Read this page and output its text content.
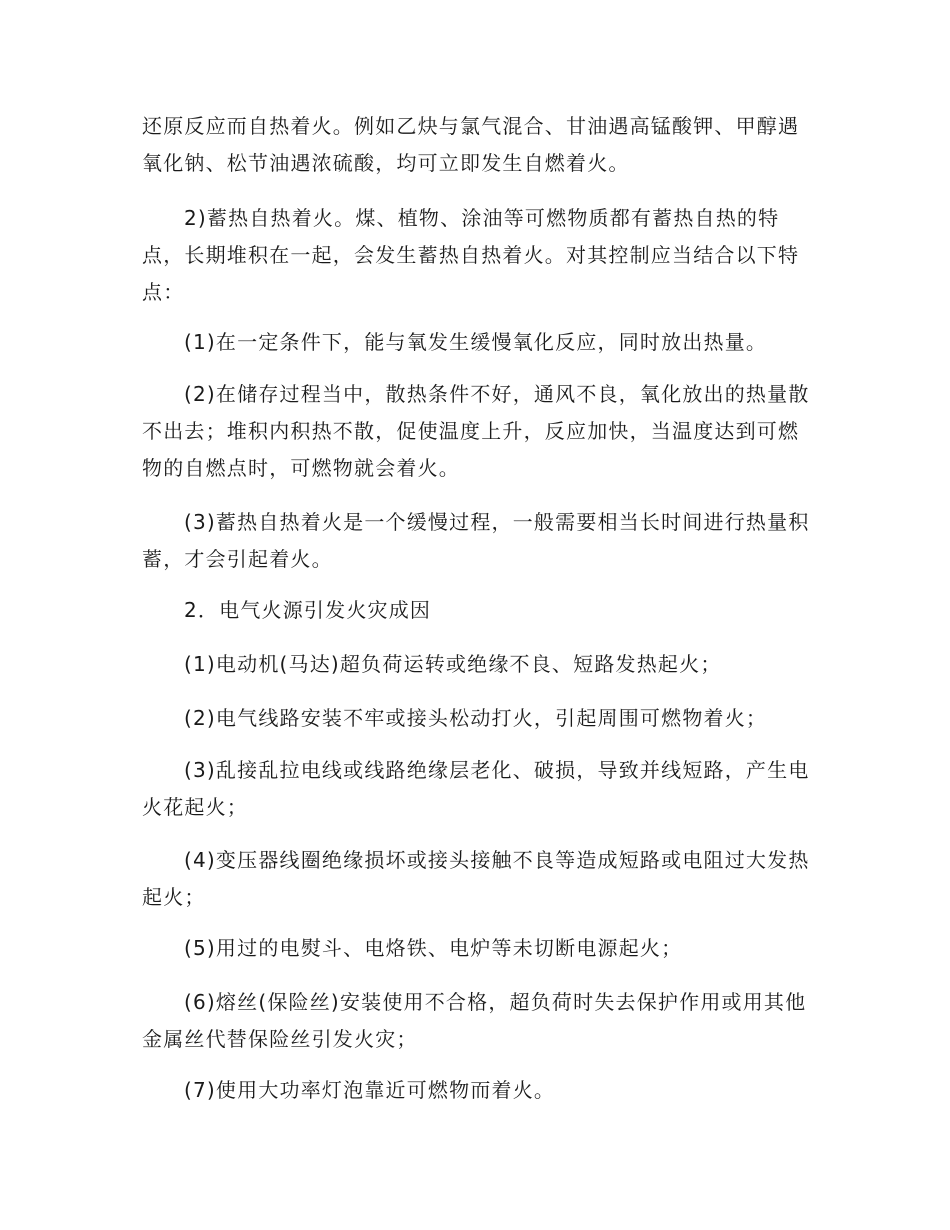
还原反应而自热着火。例如乙炔与氯气混合、甘油遇高锰酸钾、甲醇遇氧化钠、松节油遇浓硫酸，均可立即发生自燃着火。

2)蓄热自热着火。煤、植物、涂油等可燃物质都有蓄热自热的特点，长期堆积在一起，会发生蓄热自热着火。对其控制应当结合以下特点：

(1)在一定条件下，能与氧发生缓慢氧化反应，同时放出热量。

(2)在储存过程当中，散热条件不好，通风不良，氧化放出的热量散不出去；堆积内积热不散，促使温度上升，反应加快，当温度达到可燃物的自燃点时，可燃物就会着火。

(3)蓄热自热着火是一个缓慢过程，一般需要相当长时间进行热量积蓄，才会引起着火。

2．电气火源引发火灾成因

(1)电动机(马达)超负荷运转或绝缘不良、短路发热起火；

(2)电气线路安装不牢或接头松动打火，引起周围可燃物着火；

(3)乱接乱拉电线或线路绝缘层老化、破损，导致并线短路，产生电火花起火；

(4)变压器线圈绝缘损坏或接头接触不良等造成短路或电阻过大发热起火；

(5)用过的电熨斗、电烙铁、电炉等未切断电源起火；

(6)熔丝(保险丝)安装使用不合格，超负荷时失去保护作用或用其他金属丝代替保险丝引发火灾；

(7)使用大功率灯泡靠近可燃物而着火。
